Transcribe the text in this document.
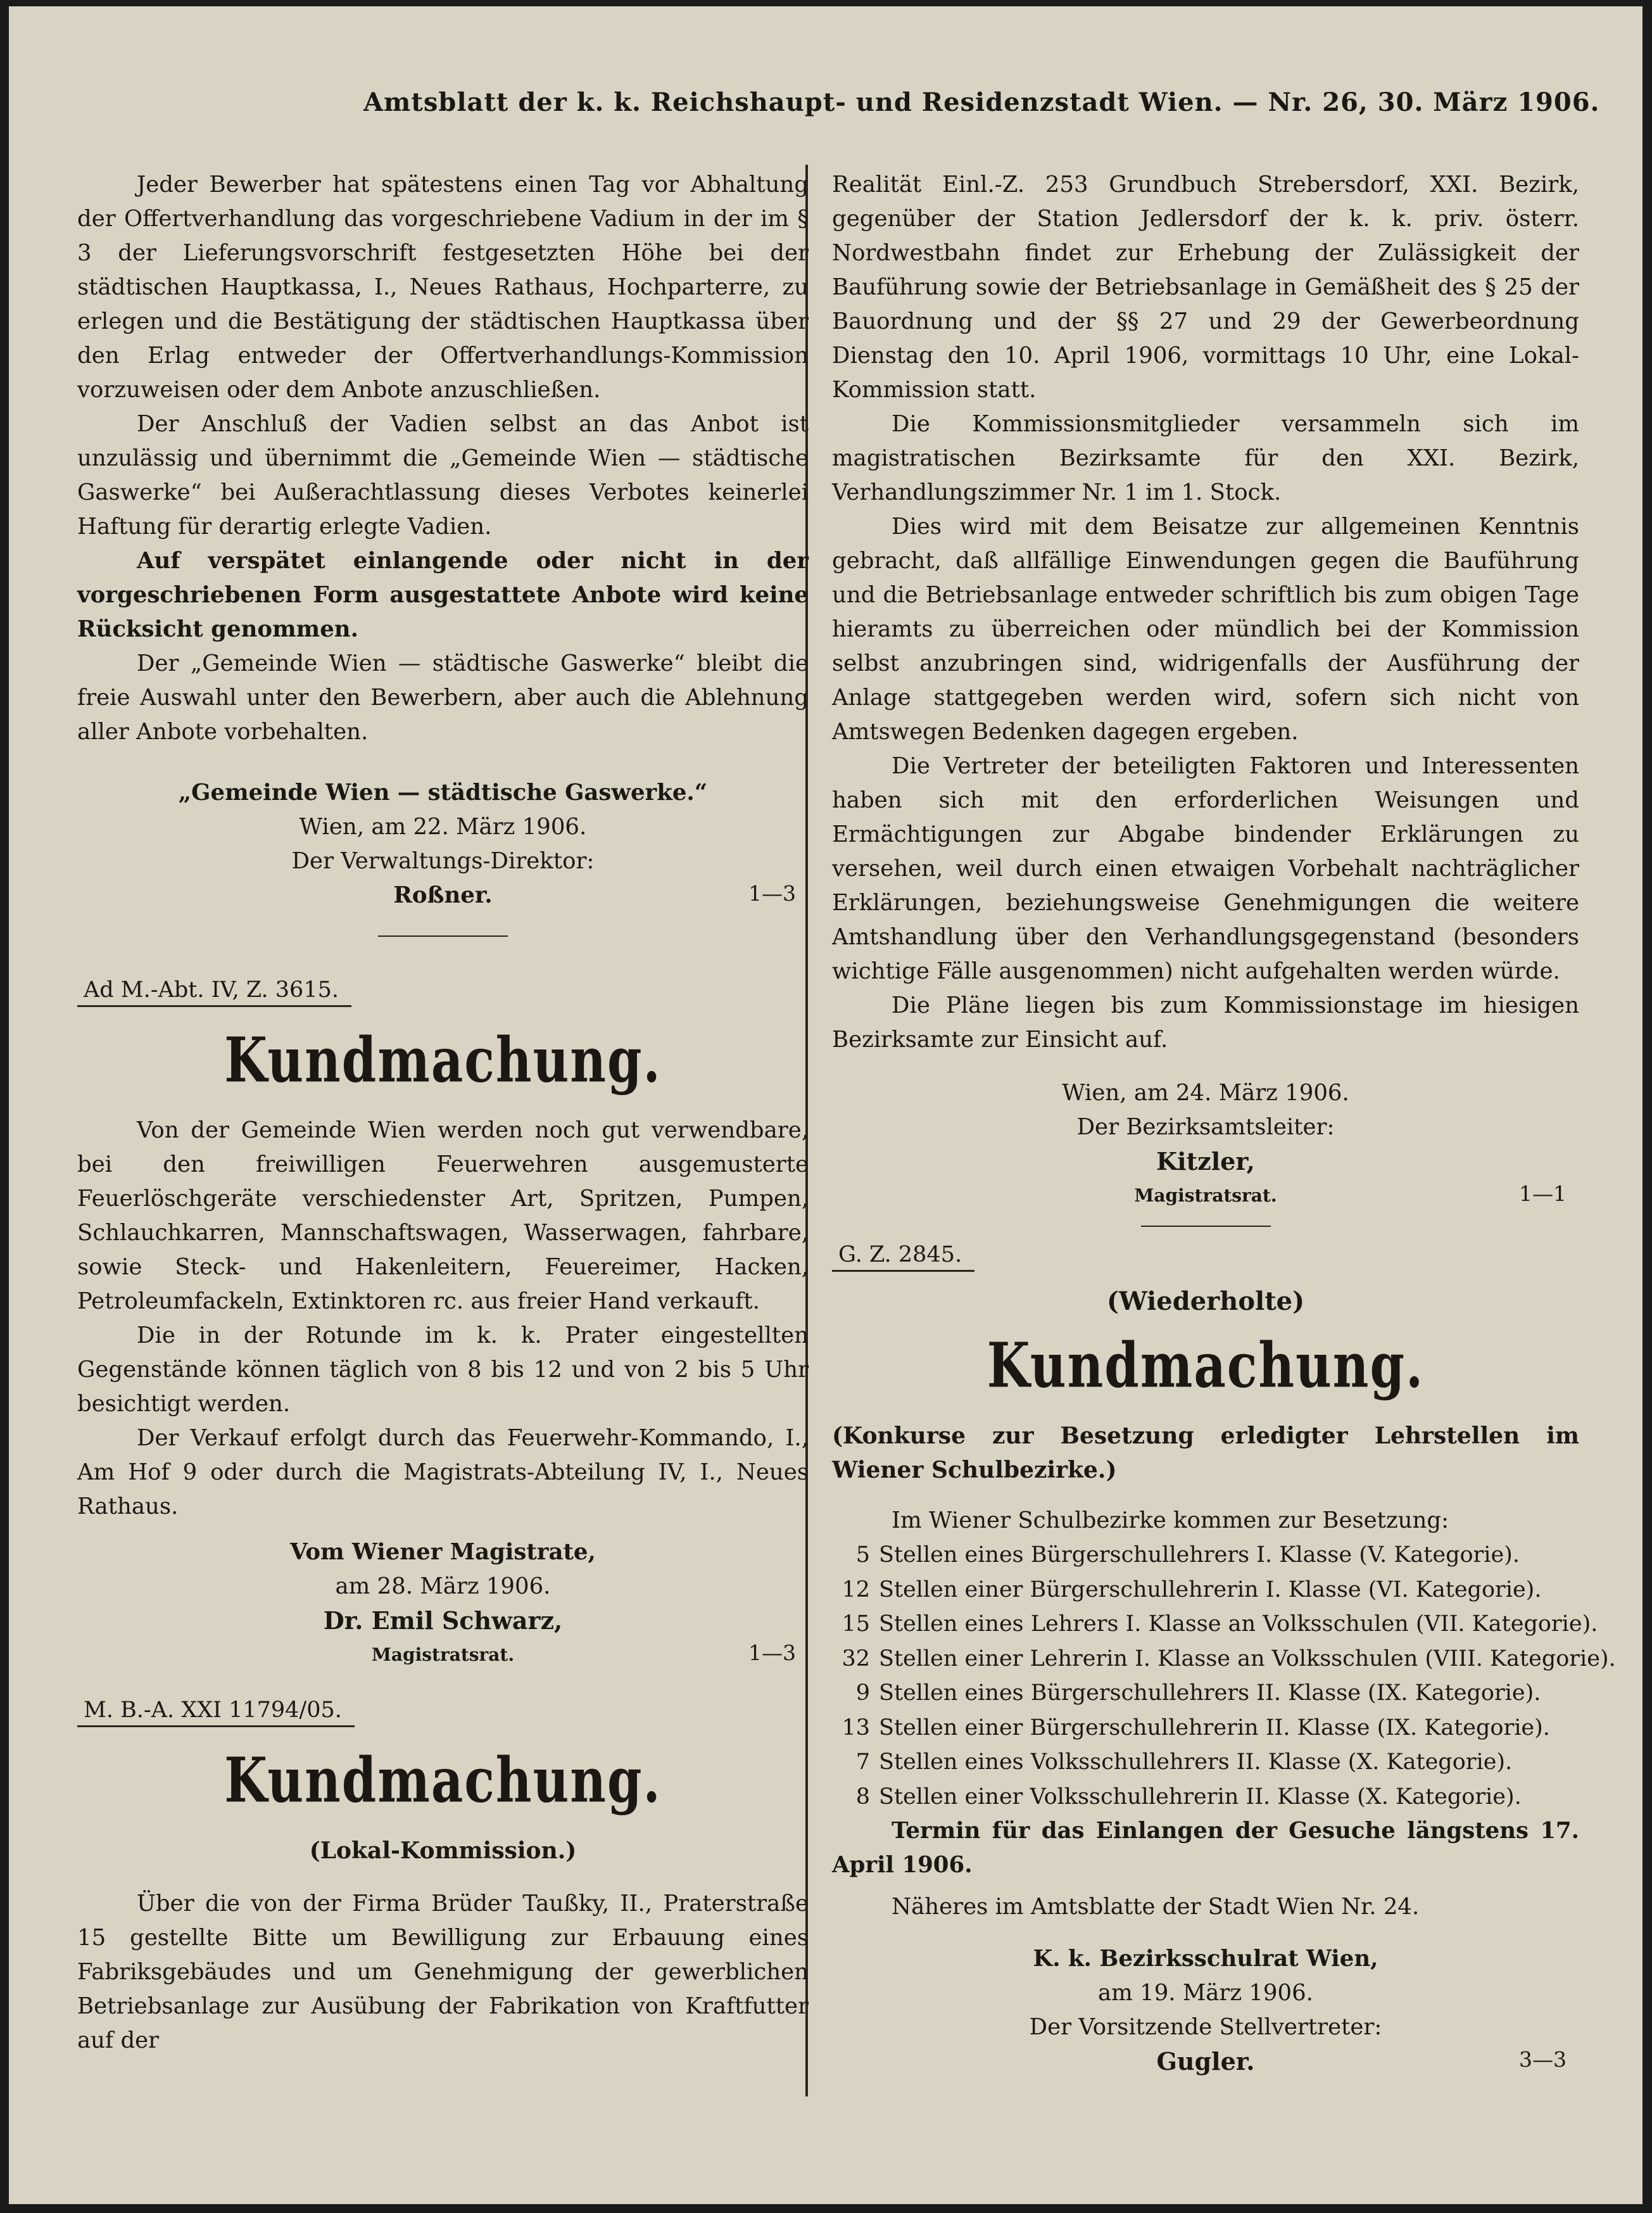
Amtsblatt der k. k. Reichshaupt- und Residenzstadt Wien. — Nr. 26, 30. März 1906.

Jeder Bewerber hat spätestens einen Tag vor Abhaltung der Offertverhandlung das vorgeschriebene Vadium in der im § 3 der Lieferungsvorschrift festgesetzten Höhe bei der städtischen Hauptkassa, I., Neues Rathaus, Hochparterre, zu erlegen und die Bestätigung der städtischen Hauptkassa über den Erlag entweder der Offertverhandlungs-Kommission vorzuweisen oder dem Anbote anzuschließen.

Der Anschluß der Vadien selbst an das Anbot ist unzulässig und übernimmt die „Gemeinde Wien — städtische Gaswerke“ bei Außerachtlassung dieses Verbotes keinerlei Haftung für derartig erlegte Vadien.

Auf verspätet einlangende oder nicht in der vorgeschriebenen Form ausgestattete Anbote wird keine Rücksicht genommen.

Der „Gemeinde Wien — städtische Gaswerke“ bleibt die freie Auswahl unter den Bewerbern, aber auch die Ablehnung aller Anbote vorbehalten.

„Gemeinde Wien — städtische Gaswerke.“
Wien, am 22. März 1906.
Der Verwaltungs-Direktor:
Roßner.	1—3
Ad M.-Abt. IV, Z. 3615.
Kundmachung.

Von der Gemeinde Wien werden noch gut verwendbare, bei den freiwilligen Feuerwehren ausgemusterte Feuerlöschgeräte verschiedenster Art, Spritzen, Pumpen, Schlauchkarren, Mannschaftswagen, Wasserwagen, fahrbare, sowie Steck- und Hakenleitern, Feuereimer, Hacken, Petroleumfackeln, Extinktoren rc. aus freier Hand verkauft.

Die in der Rotunde im k. k. Prater eingestellten Gegenstände können täglich von 8 bis 12 und von 2 bis 5 Uhr besichtigt werden.

Der Verkauf erfolgt durch das Feuerwehr-Kommando, I., Am Hof 9 oder durch die Magistrats-Abteilung IV, I., Neues Rathaus.

Vom Wiener Magistrate,
am 28. März 1906.
Dr. Emil Schwarz,
Magistratsrat.	1—3
M. B.-A. XXI 11794/05.
Kundmachung.
(Lokal-Kommission.)

Über die von der Firma Brüder Taußky, II., Praterstraße 15 gestellte Bitte um Bewilligung zur Erbauung eines Fabriksgebäudes und um Genehmigung der gewerblichen Betriebsanlage zur Ausübung der Fabrikation von Kraftfutter auf der

Realität Einl.-Z. 253 Grundbuch Strebersdorf, XXI. Bezirk, gegenüber der Station Jedlersdorf der k. k. priv. österr. Nordwestbahn findet zur Erhebung der Zulässigkeit der Bauführung sowie der Betriebsanlage in Gemäßheit des § 25 der Bauordnung und der §§ 27 und 29 der Gewerbeordnung Dienstag den 10. April 1906, vormittags 10 Uhr, eine Lokal-Kommission statt.

Die Kommissionsmitglieder versammeln sich im magistratischen Bezirksamte für den XXI. Bezirk, Verhandlungszimmer Nr. 1 im 1. Stock.

Dies wird mit dem Beisatze zur allgemeinen Kenntnis gebracht, daß allfällige Einwendungen gegen die Bauführung und die Betriebsanlage entweder schriftlich bis zum obigen Tage hieramts zu überreichen oder mündlich bei der Kommission selbst anzubringen sind, widrigenfalls der Ausführung der Anlage stattgegeben werden wird, sofern sich nicht von Amtswegen Bedenken dagegen ergeben.

Die Vertreter der beteiligten Faktoren und Interessenten haben sich mit den erforderlichen Weisungen und Ermächtigungen zur Abgabe bindender Erklärungen zu versehen, weil durch einen etwaigen Vorbehalt nachträglicher Erklärungen, beziehungsweise Genehmigungen die weitere Amtshandlung über den Verhandlungsgegenstand (besonders wichtige Fälle ausgenommen) nicht aufgehalten werden würde.

Die Pläne liegen bis zum Kommissionstage im hiesigen Bezirksamte zur Einsicht auf.

Wien, am 24. März 1906.
Der Bezirksamtsleiter:
Kitzler,
Magistratsrat.	1—1
G. Z. 2845.
(Wiederholte)
Kundmachung.
(Konkurse zur Besetzung erledigter Lehrstellen im Wiener Schulbezirke.)

Im Wiener Schulbezirke kommen zur Besetzung:

5 Stellen eines Bürgerschullehrers I. Klasse (V. Kategorie).
12 Stellen einer Bürgerschullehrerin I. Klasse (VI. Kategorie).
15 Stellen eines Lehrers I. Klasse an Volksschulen (VII. Kategorie).
32 Stellen einer Lehrerin I. Klasse an Volksschulen (VIII. Kategorie).
9 Stellen eines Bürgerschullehrers II. Klasse (IX. Kategorie).
13 Stellen einer Bürgerschullehrerin II. Klasse (IX. Kategorie).
7 Stellen eines Volksschullehrers II. Klasse (X. Kategorie).
8 Stellen einer Volksschullehrerin II. Klasse (X. Kategorie).

Termin für das Einlangen der Gesuche längstens 17. April 1906.

Näheres im Amtsblatte der Stadt Wien Nr. 24.

K. k. Bezirksschulrat Wien,
am 19. März 1906.
Der Vorsitzende Stellvertreter:
Gugler.	3—3
